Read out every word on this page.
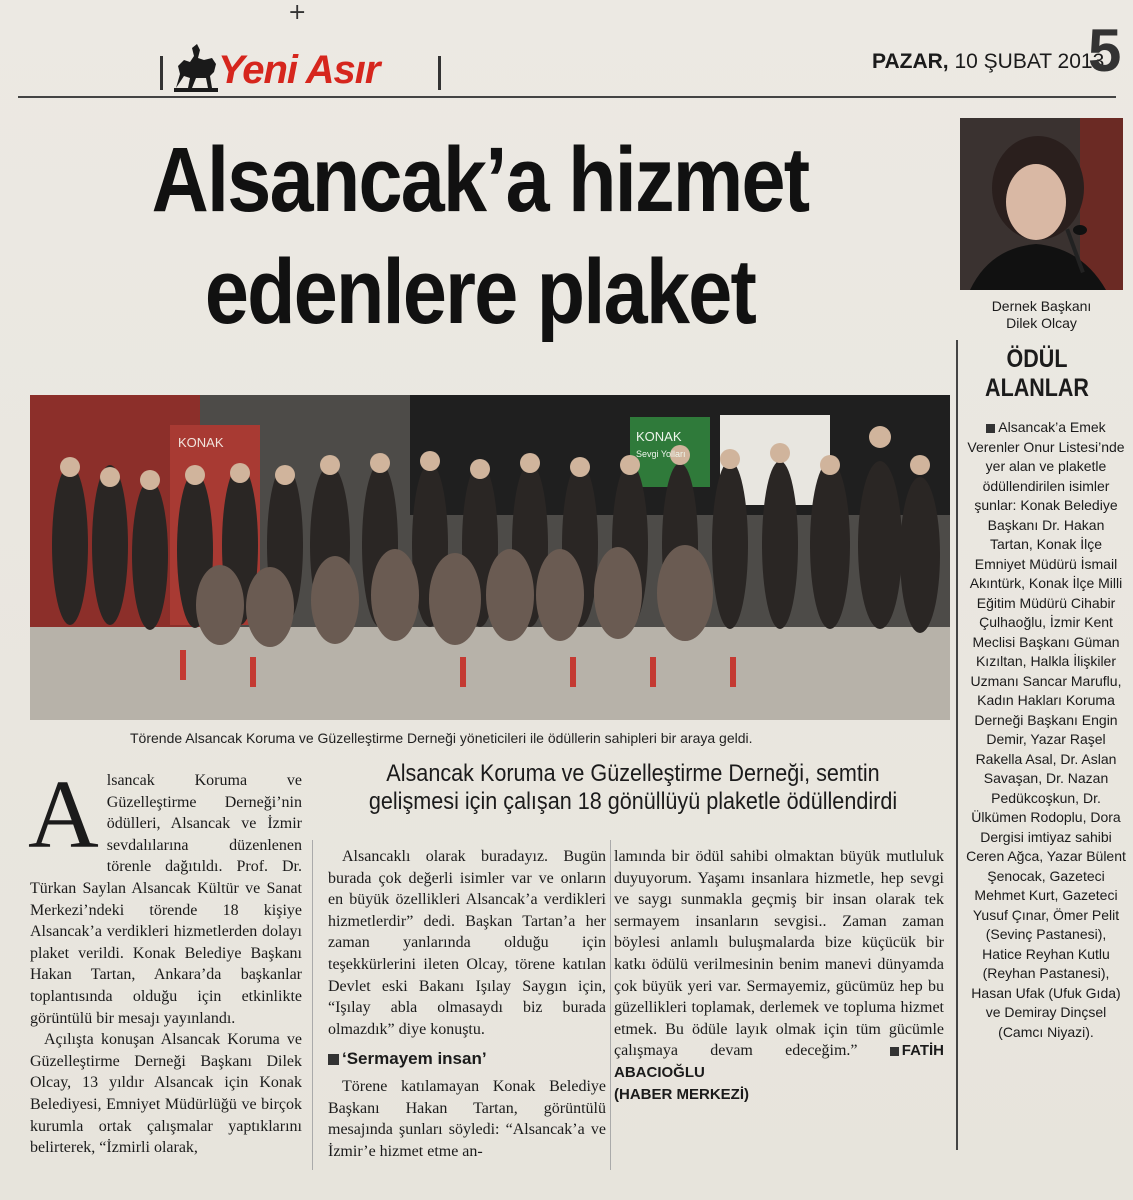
+
Yeni Asır	PAZAR, 10 ŞUBAT 2013
5
Alsancak’a hizmet
edenlere plaket	Dernek Başkanı
Dilek Olcay
ÖDÜL
ALANLAR
Alsancak’a Emek Verenler Onur Listesi’nde yer alan ve plaketle ödüllendirilen isimler şunlar: Konak Belediye Başkanı Dr. Hakan Tartan, Konak İlçe Emniyet Müdürü İsmail Akıntürk, Konak İlçe Milli Eğitim Müdürü Cihabir Çulhaoğlu, İzmir Kent Meclisi Başkanı Güman Kızıltan, Halkla İlişkiler Uzmanı Sancar Maruflu, Kadın Hakları Koruma Derneği Başkanı Engin Demir, Yazar Raşel Rakella Asal, Dr. Aslan Savaşan, Dr. Nazan Pedükcoşkun, Dr. Ülkümen Rodoplu, Dora Dergisi imtiyaz sahibi Ceren Ağca, Yazar Bülent Şenocak, Gazeteci Mehmet Kurt, Gazeteci Yusuf Çınar, Ömer Pelit (Sevinç Pastanesi), Hatice Reyhan Kutlu (Reyhan Pastanesi), Hasan Ufak (Ufuk Gıda) ve Demiray Dinçsel (Camcı Niyazi).
KONAK	KONAK
Sevgi Yolları
Törende Alsancak Koruma ve Güzelleştirme Derneği yöneticileri ile ödüllerin sahipleri bir araya geldi.
Alsancak Koruma ve Güzelleştirme Derneği, semtin
gelişmesi için çalışan 18 gönüllüyü plaketle ödüllendirdi
A lsancak Koruma ve Güzelleştirme Derneği’nin ödülleri, Alsancak ve İzmir sevdalılarına düzenlenen törenle dağıtıldı. Prof. Dr. Türkan Saylan Alsancak Kültür ve Sanat Merkezi’ndeki törende 18 kişiye Alsancak’a verdikleri hizmetlerden dolayı plaket verildi. Konak Belediye Başkanı Hakan Tartan, Ankara’da başkanlar toplantısında olduğu için etkinlikte görüntülü bir mesajı yayınlandı.

Açılışta konuşan Alsancak Koruma ve Güzelleştirme Derneği Başkanı Dilek Olcay, 13 yıldır Alsancak için Konak Belediyesi, Emniyet Müdürlüğü ve birçok kurumla ortak çalışmalar yaptıklarını belirterek, “İzmirli olarak,

Alsancaklı olarak buradayız. Bugün burada çok değerli isimler var ve onların en büyük özellikleri Alsancak’a verdikleri hizmetlerdir” dedi. Başkan Tartan’a her zaman yanlarında olduğu için teşekkürlerini ileten Olcay, törene katılan Devlet eski Bakanı Işılay Saygın için, “Işılay abla olmasaydı biz burada olmazdık” diye konuştu.

‘Sermayem insan’

Törene katılamayan Konak Belediye Başkanı Hakan Tartan, görüntülü mesajında şunları söyledi: “Alsancak’a ve İzmir’e hizmet etme an-

lamında bir ödül sahibi olmaktan büyük mutluluk duyuyorum. Yaşamı insanlara hizmetle, hep sevgi ve saygı sunmakla geçmiş bir insan olarak tek sermayem insanların sevgisi.. Zaman zaman böylesi anlamlı buluşmalarda bize küçücük bir katkı ödülü verilmesinin benim manevi dünyamda çok büyük yeri var. Sermayemiz, gücümüz hep bu güzellikleri toplamak, derlemek ve topluma hizmet etmek. Bu ödüle layık olmak için tüm gücümle çalışmaya devam edeceğim.”	FATİH ABACIOĞLU

(HABER MERKEZİ)
